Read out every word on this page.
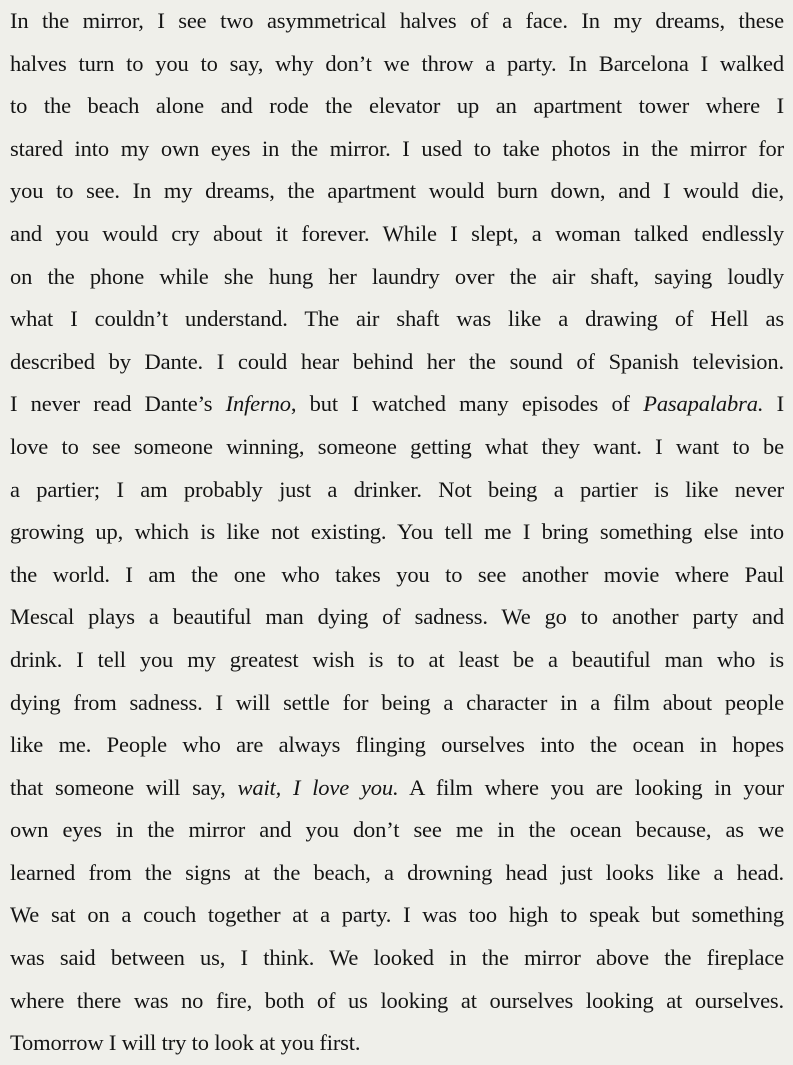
In the mirror, I see two asymmetrical halves of a face. In my dreams, these
halves turn to you to say, why don’t we throw a party. In Barcelona I walked
to the beach alone and rode the elevator up an apartment tower where I
stared into my own eyes in the mirror. I used to take photos in the mirror for
you to see. In my dreams, the apartment would burn down, and I would die,
and you would cry about it forever. While I slept, a woman talked endlessly
on the phone while she hung her laundry over the air shaft, saying loudly
what I couldn’t understand. The air shaft was like a drawing of Hell as
described by Dante. I could hear behind her the sound of Spanish television.
I never read Dante’s Inferno, but I watched many episodes of Pasapalabra. I
love to see someone winning, someone getting what they want. I want to be
a partier; I am probably just a drinker. Not being a partier is like never
growing up, which is like not existing. You tell me I bring something else into
the world. I am the one who takes you to see another movie where Paul
Mescal plays a beautiful man dying of sadness. We go to another party and
drink. I tell you my greatest wish is to at least be a beautiful man who is
dying from sadness. I will settle for being a character in a film about people
like me. People who are always flinging ourselves into the ocean in hopes
that someone will say, wait, I love you. A film where you are looking in your
own eyes in the mirror and you don’t see me in the ocean because, as we
learned from the signs at the beach, a drowning head just looks like a head.
We sat on a couch together at a party. I was too high to speak but something
was said between us, I think. We looked in the mirror above the fireplace
where there was no fire, both of us looking at ourselves looking at ourselves.
Tomorrow I will try to look at you first.
